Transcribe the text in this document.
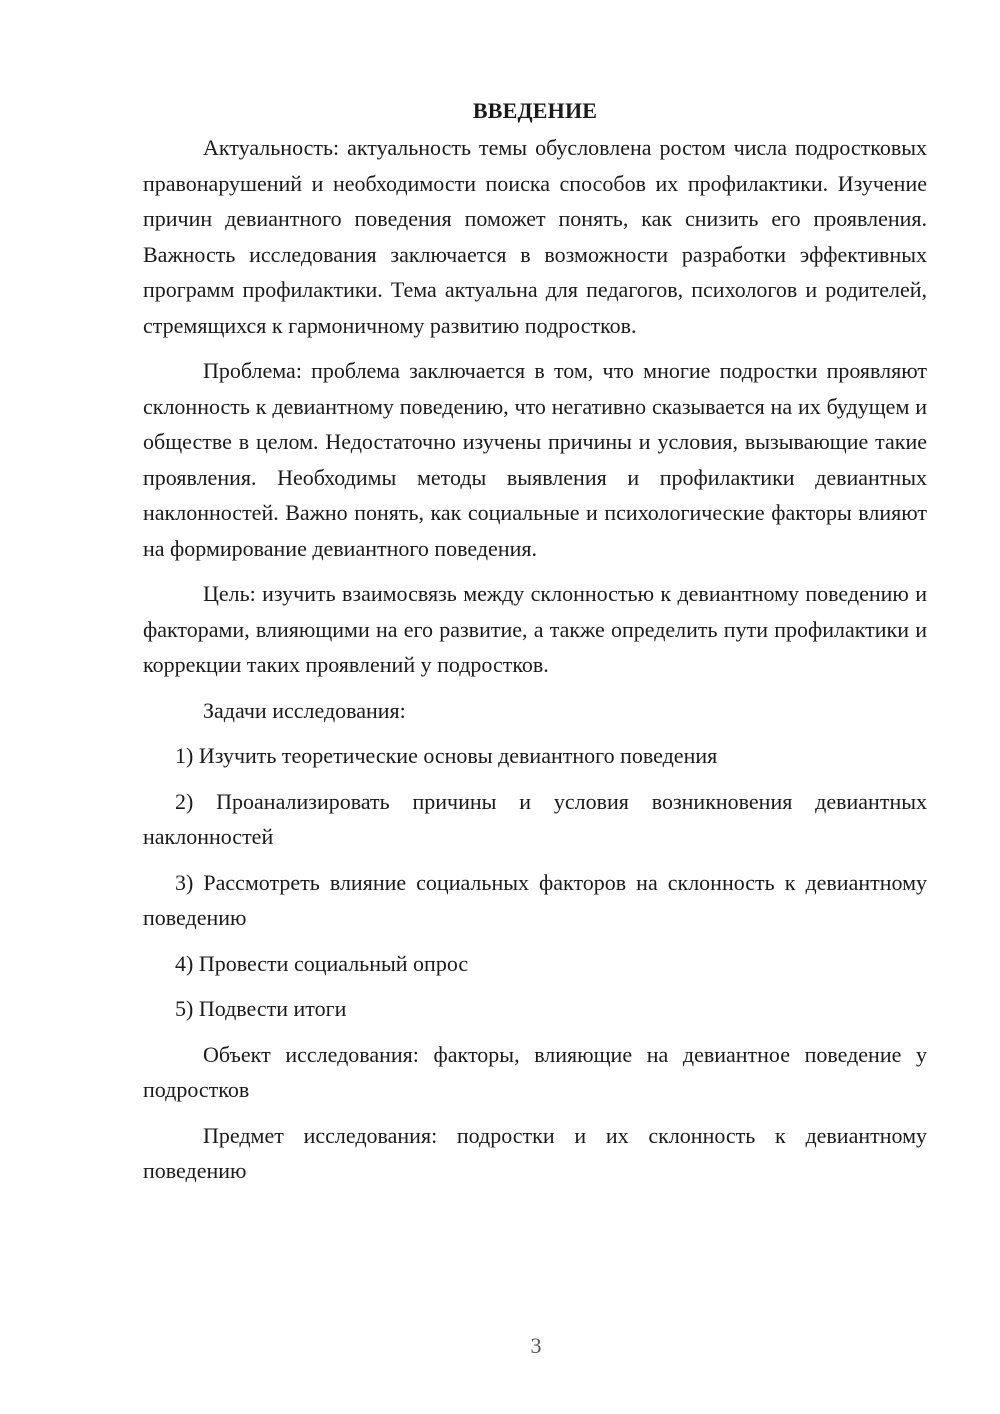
ВВЕДЕНИЕ

Актуальность: актуальность темы обусловлена ростом числа подростковых правонарушений и необходимости поиска способов их профилактики. Изучение причин девиантного поведения поможет понять, как снизить его проявления. Важность исследования заключается в возможности разработки эффективных программ профилактики. Тема актуальна для педагогов, психологов и родителей, стремящихся к гармоничному развитию подростков.

Проблема: проблема заключается в том, что многие подростки проявляют склонность к девиантному поведению, что негативно сказывается на их будущем и обществе в целом. Недостаточно изучены причины и условия, вызывающие такие проявления. Необходимы методы выявления и профилактики девиантных наклонностей. Важно понять, как социальные и психологические факторы влияют на формирование девиантного поведения.

Цель: изучить взаимосвязь между склонностью к девиантному поведению и факторами, влияющими на его развитие, а также определить пути профилактики и коррекции таких проявлений у подростков.

Задачи исследования:

1) Изучить теоретические основы девиантного поведения

2) Проанализировать причины и условия возникновения девиантных наклонностей

3) Рассмотреть влияние социальных факторов на склонность к девиантному поведению

4) Провести социальный опрос

5) Подвести итоги

Объект исследования: факторы, влияющие на девиантное поведение у подростков

Предмет исследования: подростки и их склонность к девиантному поведению

3
